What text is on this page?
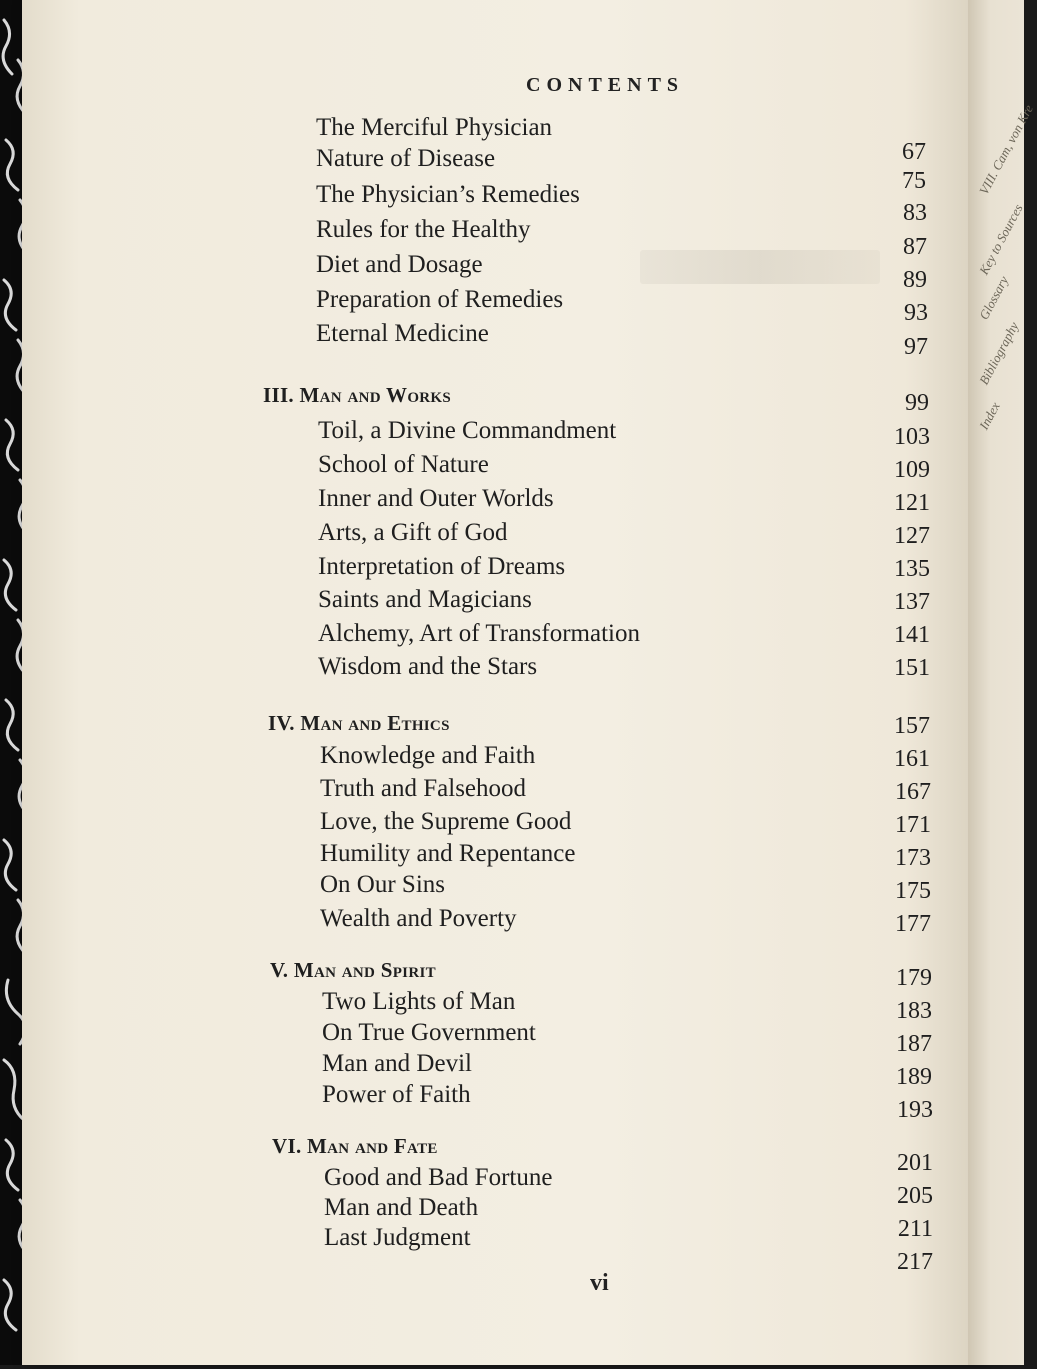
VIII. Cam, von Kre
Key to Sources
Glossary
Bibliography
Index
CONTENTS
The Merciful Physician
Nature of Disease
The Physician’s Remedies
Rules for the Healthy
Diet and Dosage
Preparation of Remedies
Eternal Medicine
III. Man and Works
Toil, a Divine Commandment
School of Nature
Inner and Outer Worlds
Arts, a Gift of God
Interpretation of Dreams
Saints and Magicians
Alchemy, Art of Transformation
Wisdom and the Stars
IV. Man and Ethics
Knowledge and Faith
Truth and Falsehood
Love, the Supreme Good
Humility and Repentance
On Our Sins
Wealth and Poverty
V. Man and Spirit
Two Lights of Man
On True Government
Man and Devil
Power of Faith
VI. Man and Fate
Good and Bad Fortune
Man and Death
Last Judgment
67
75
83
87
89
93
97
99
103
109
121
127
135
137
141
151
157
161
167
171
173
175
177
179
183
187
189
193
201
205
211
217
vi
